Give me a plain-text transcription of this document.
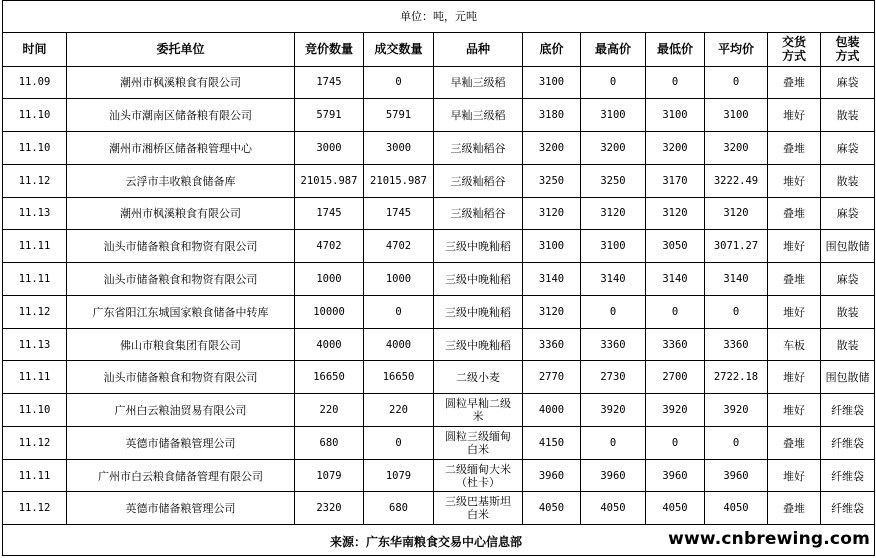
单位：吨，元吨										
时间	委托单位	竞价数量	成交数量	品种	底价	最高价	最低价	平均价	交货方式	包装方式
11.09	潮州市枫溪粮食有限公司	1745	0	早籼三级稻	3100	0	0	0	叠堆	麻袋
11.10	汕头市潮南区储备粮有限公司	5791	5791	早籼三级稻	3180	3100	3100	3100	堆好	散装
11.10	潮州市湘桥区储备粮管理中心	3000	3000	三级籼稻谷	3200	3200	3200	3200	叠堆	麻袋
11.12	云浮市丰收粮食储备库	21015.987	21015.987	三级籼稻谷	3250	3250	3170	3222.49	堆好	散装
11.13	潮州市枫溪粮食有限公司	1745	1745	三级籼稻谷	3120	3120	3120	3120	叠堆	麻袋
11.11	汕头市储备粮食和物资有限公司	4702	4702	三级中晚籼稻	3100	3100	3050	3071.27	堆好	围包散储
11.11	汕头市储备粮食和物资有限公司	1000	1000	三级中晚籼稻	3140	3140	3140	3140	叠堆	麻袋
11.12	广东省阳江东城国家粮食储备中转库	10000	0	三级中晚籼稻	3120	0	0	0	堆好	散装
11.13	佛山市粮食集团有限公司	4000	4000	三级中晚籼稻	3360	3360	3360	3360	车板	散装
11.11	汕头市储备粮食和物资有限公司	16650	16650	二级小麦	2770	2730	2700	2722.18	堆好	围包散储
11.10	广州白云粮油贸易有限公司	220	220	圆粒早籼二级米	4000	3920	3920	3920	堆好	纤维袋
11.12	英德市储备粮管理公司	680	0	圆粒三级缅甸白米	4150	0	0	0	叠堆	纤维袋
11.11	广州市白云粮食储备管理有限公司	1079	1079	二级缅甸大米（杜卡）	3960	3960	3960	3960	堆好	纤维袋
11.12	英德市储备粮管理公司	2320	680	三级巴基斯坦白米	4050	4050	4050	4050	叠堆	纤维袋

来源：广东华南粮食交易中心信息部	www.cnbrewing.com
